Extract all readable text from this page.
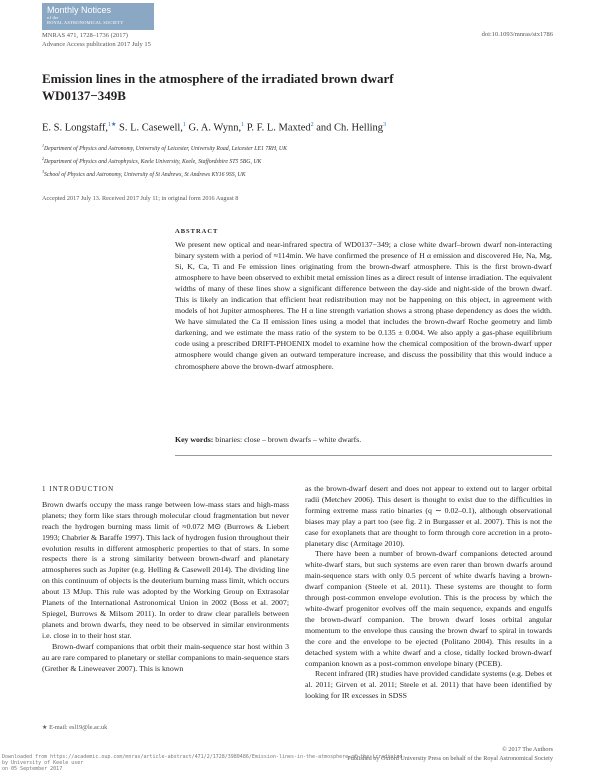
Monthly Notices
of the
ROYAL ASTRONOMICAL SOCIETY
MNRAS 471, 1728–1736 (2017)
Advance Access publication 2017 July 15
doi:10.1093/mnras/stx1786
Emission lines in the atmosphere of the irradiated brown dwarf
WD0137−349B
E. S. Longstaff,$^{1★}$ S. L. Casewell,$^1$ G. A. Wynn,$^1$ P. F. L. Maxted$^2$ and Ch. Helling$^3$
$^1$Department of Physics and Astronomy, University of Leicester, University Road, Leicester LE1 7RH, UK
$^2$Department of Physics and Astrophysics, Keele University, Keele, Staffordshire ST5 5BG, UK
$^3$School of Physics and Astronomy, University of St Andrews, St Andrews KY16 9SS, UK
Accepted 2017 July 13. Received 2017 July 11; in original form 2016 August 8
ABSTRACT
We present new optical and near-infrared spectra of WD0137−349; a close white dwarf–brown dwarf non-interacting binary system with a period of ≈114min. We have confirmed the presence of H α emission and discovered He, Na, Mg, Si, K, Ca, Ti and Fe emission lines originating from the brown-dwarf atmosphere. This is the first brown-dwarf atmosphere to have been observed to exhibit metal emission lines as a direct result of intense irradiation. The equivalent widths of many of these lines show a significant difference between the day-side and night-side of the brown dwarf. This is likely an indication that efficient heat redistribution may not be happening on this object, in agreement with models of hot Jupiter atmospheres. The H α line strength variation shows a strong phase dependency as does the width. We have simulated the Ca II emission lines using a model that includes the brown-dwarf Roche geometry and limb darkening, and we estimate the mass ratio of the system to be 0.135 ± 0.004. We also apply a gas-phase equilibrium code using a prescribed DRIFT-PHOENIX model to examine how the chemical composition of the brown-dwarf upper atmosphere would change given an outward temperature increase, and discuss the possibility that this would induce a chromosphere above the brown-dwarf atmosphere.
Key words: binaries: close – brown dwarfs – white dwarfs.
1 INTRODUCTION

Brown dwarfs occupy the mass range between low-mass stars and high-mass planets; they form like stars through molecular cloud fragmentation but never reach the hydrogen burning mass limit of ≈0.072 M⊙ (Burrows & Liebert 1993; Chabrier & Baraffe 1997). This lack of hydrogen fusion throughout their evolution results in different atmospheric properties to that of stars. In some respects there is a strong similarity between brown-dwarf and planetary atmospheres such as Jupiter (e.g. Helling & Casewell 2014). The dividing line on this continuum of objects is the deuterium burning mass limit, which occurs about 13 MJup. This rule was adopted by the Working Group on Extrasolar Planets of the International Astronomical Union in 2002 (Boss et al. 2007; Spiegel, Burrows & Milsom 2011). In order to draw clear parallels between planets and brown dwarfs, they need to be observed in similar environments i.e. close in to their host star.

Brown-dwarf companions that orbit their main-sequence star host within 3 au are rare compared to planetary or stellar companions to main-sequence stars (Grether & Lineweaver 2007). This is known

as the brown-dwarf desert and does not appear to extend out to larger orbital radii (Metchev 2006). This desert is thought to exist due to the difficulties in forming extreme mass ratio binaries (q ∼ 0.02–0.1), although observational biases may play a part too (see fig. 2 in Burgasser et al. 2007). This is not the case for exoplanets that are thought to form through core accretion in a proto-planetary disc (Armitage 2010).

There have been a number of brown-dwarf companions detected around white-dwarf stars, but such systems are even rarer than brown dwarfs around main-sequence stars with only 0.5 percent of white dwarfs having a brown-dwarf companion (Steele et al. 2011). These systems are thought to form through post-common envelope evolution. This is the process by which the white-dwarf progenitor evolves off the main sequence, expands and engulfs the brown-dwarf companion. The brown dwarf loses orbital angular momentum to the envelope thus causing the brown dwarf to spiral in towards the core and the envelope to be ejected (Politano 2004). This results in a detached system with a white dwarf and a close, tidally locked brown-dwarf companion known as a post-common envelope binary (PCEB).

Recent infrared (IR) studies have provided candidate systems (e.g. Debes et al. 2011; Girven et al. 2011; Steele et al. 2011) that have been identified by looking for IR excesses in SDSS

★ E-mail: esl19@le.ac.uk
© 2017 The Authors
Published by Oxford University Press on behalf of the Royal Astronomical Society
Downloaded from https://academic.oup.com/mnras/article-abstract/471/2/1728/3980486/Emission-lines-in-the-atmosphere-of-the-irradiated
by University of Keele user
on 05 September 2017
